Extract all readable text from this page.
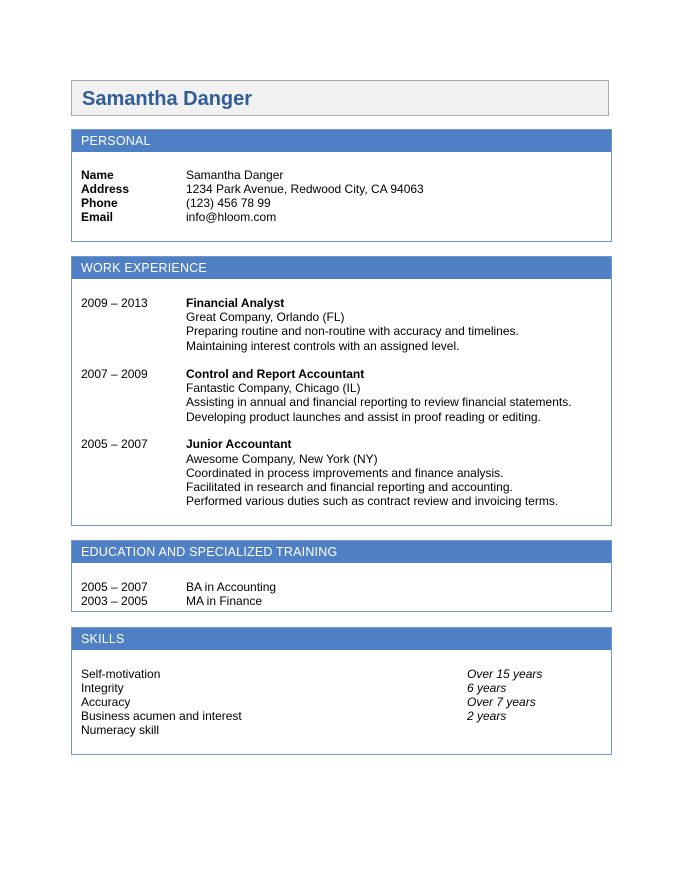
Samantha Danger
PERSONAL
Name	Samantha Danger
Address	1234 Park Avenue, Redwood City, CA 94063
Phone	(123) 456 78 99
Email	info@hloom.com
WORK EXPERIENCE
2009 – 2013	Financial Analyst
Great Company, Orlando (FL)
Preparing routine and non-routine with accuracy and timelines.
Maintaining interest controls with an assigned level.
2007 – 2009	Control and Report Accountant
Fantastic Company, Chicago (IL)
Assisting in annual and financial reporting to review financial statements.
Developing product launches and assist in proof reading or editing.
2005 – 2007	Junior Accountant
Awesome Company, New York (NY)
Coordinated in process improvements and finance analysis.
Facilitated in research and financial reporting and accounting.
Performed various duties such as contract review and invoicing terms.
EDUCATION AND SPECIALIZED TRAINING
2005 – 2007	BA in Accounting
2003 – 2005	MA in Finance
SKILLS
Self-motivation	Over 15 years
Integrity	6 years
Accuracy	Over 7 years
Business acumen and interest	2 years
Numeracy skill
